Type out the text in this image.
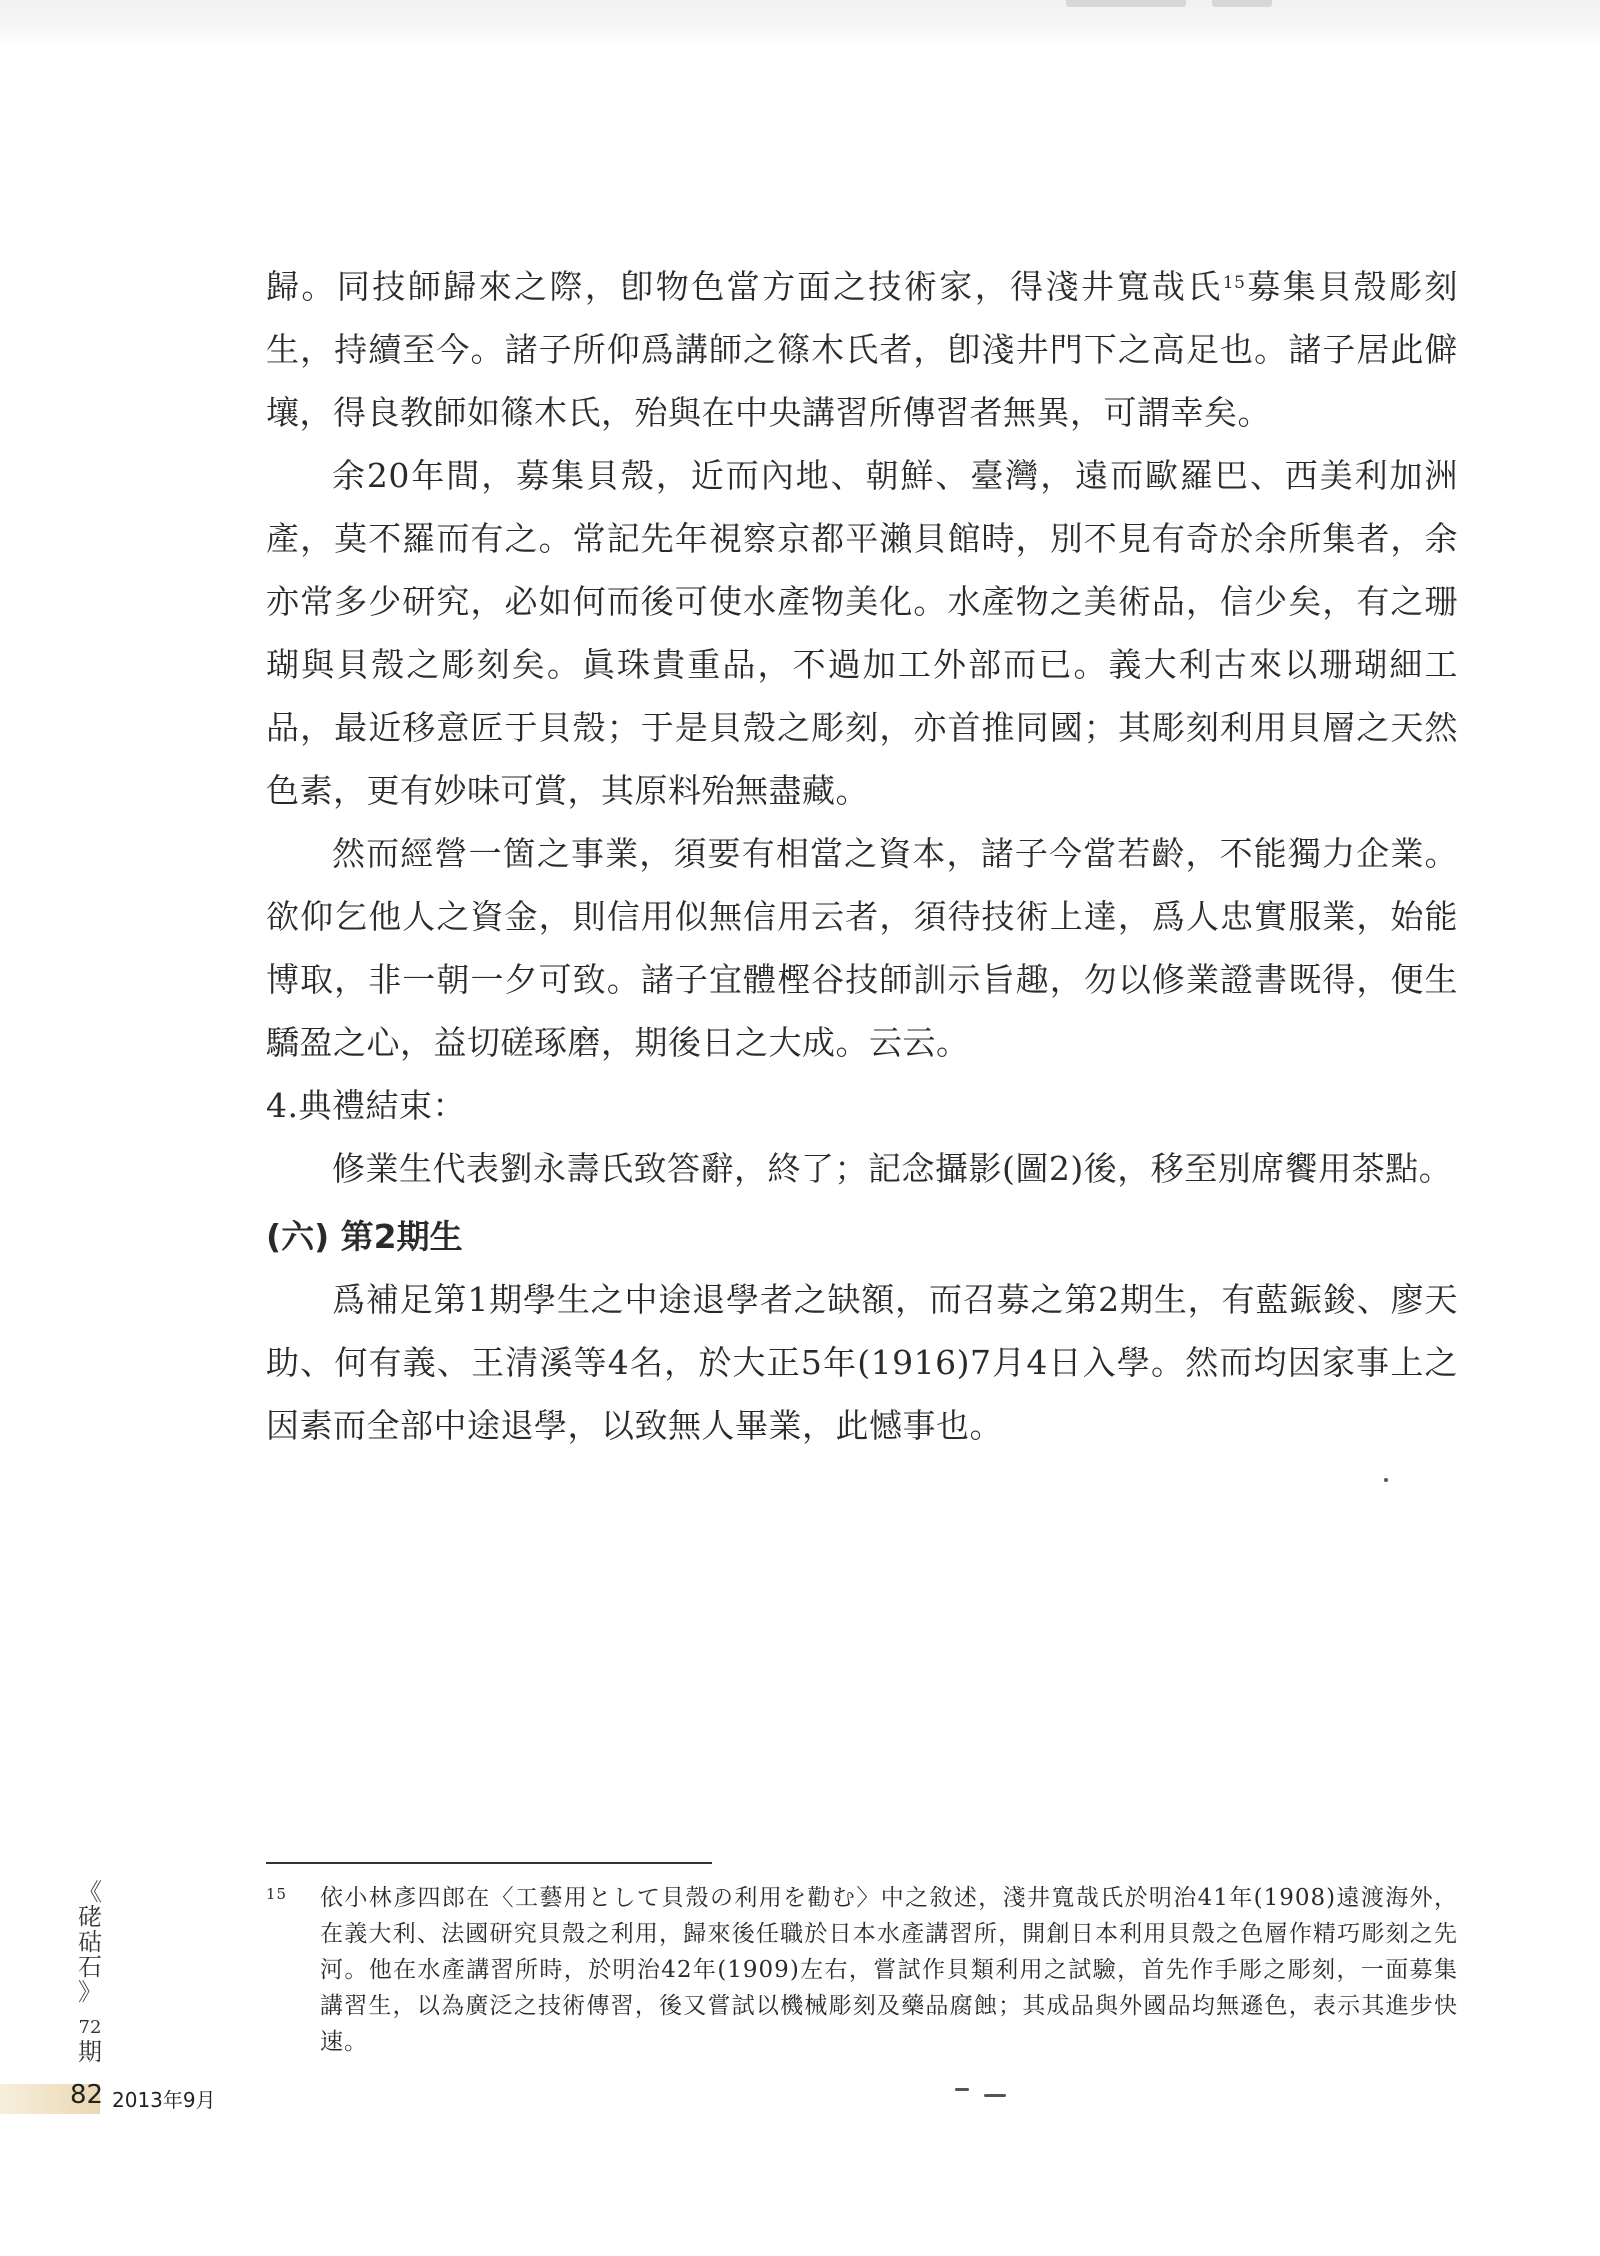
歸。同技師歸來之際，卽物色當方面之技術家，得淺井寬哉氏$^{15}$募集貝殼彫刻生，持續至今。諸子所仰爲講師之篠木氏者，卽淺井門下之高足也。諸子居此僻壤，得良教師如篠木氏，殆與在中央講習所傳習者無異，可謂幸矣。

余20年間，募集貝殼，近而內地、朝鮮、臺灣，遠而歐羅巴、西美利加洲產，莫不羅而有之。常記先年視察京都平瀨貝館時，別不見有奇於余所集者，余亦常多少研究，必如何而後可使水產物美化。水產物之美術品，信少矣，有之珊瑚與貝殼之彫刻矣。眞珠貴重品，不過加工外部而已。義大利古來以珊瑚細工品，最近移意匠于貝殼；于是貝殼之彫刻，亦首推同國；其彫刻利用貝層之天然色素，更有妙味可賞，其原料殆無盡藏。

然而經營一箇之事業，須要有相當之資本，諸子今當若齡，不能獨力企業。欲仰乞他人之資金，則信用似無信用云者，須待技術上達，爲人忠實服業，始能博取，非一朝一夕可致。諸子宜體樫谷技師訓示旨趣，勿以修業證書既得，便生驕盈之心，益切磋琢磨，期後日之大成。云云。

4.典禮結束：

修業生代表劉永壽氏致答辭，終了；記念攝影(圖2)後，移至別席饗用茶點。

(六) 第2期生

爲補足第1期學生之中途退學者之缺額，而召募之第2期生，有藍鋠鋑、廖天助、何有義、王清溪等4名，於大正5年(1916)7月4日入學。然而均因家事上之因素而全部中途退學，以致無人畢業，此憾事也。

15 依小林彥四郎在〈工藝用として貝殼の利用を勸む〉中之敘述，淺井寬哉氏於明治41年(1908)遠渡海外，在義大利、法國研究貝殼之利用，歸來後任職於日本水產講習所，開創日本利用貝殼之色層作精巧彫刻之先河。他在水產講習所時，於明治42年(1909)左右，嘗試作貝類利用之試驗，首先作手彫之彫刻，一面募集講習生，以為廣泛之技術傳習，後又嘗試以機械彫刻及藥品腐蝕；其成品與外國品均無遜色，表示其進步快速。
《
硓
𥑮
石
》
72
期
82 2013年9月
